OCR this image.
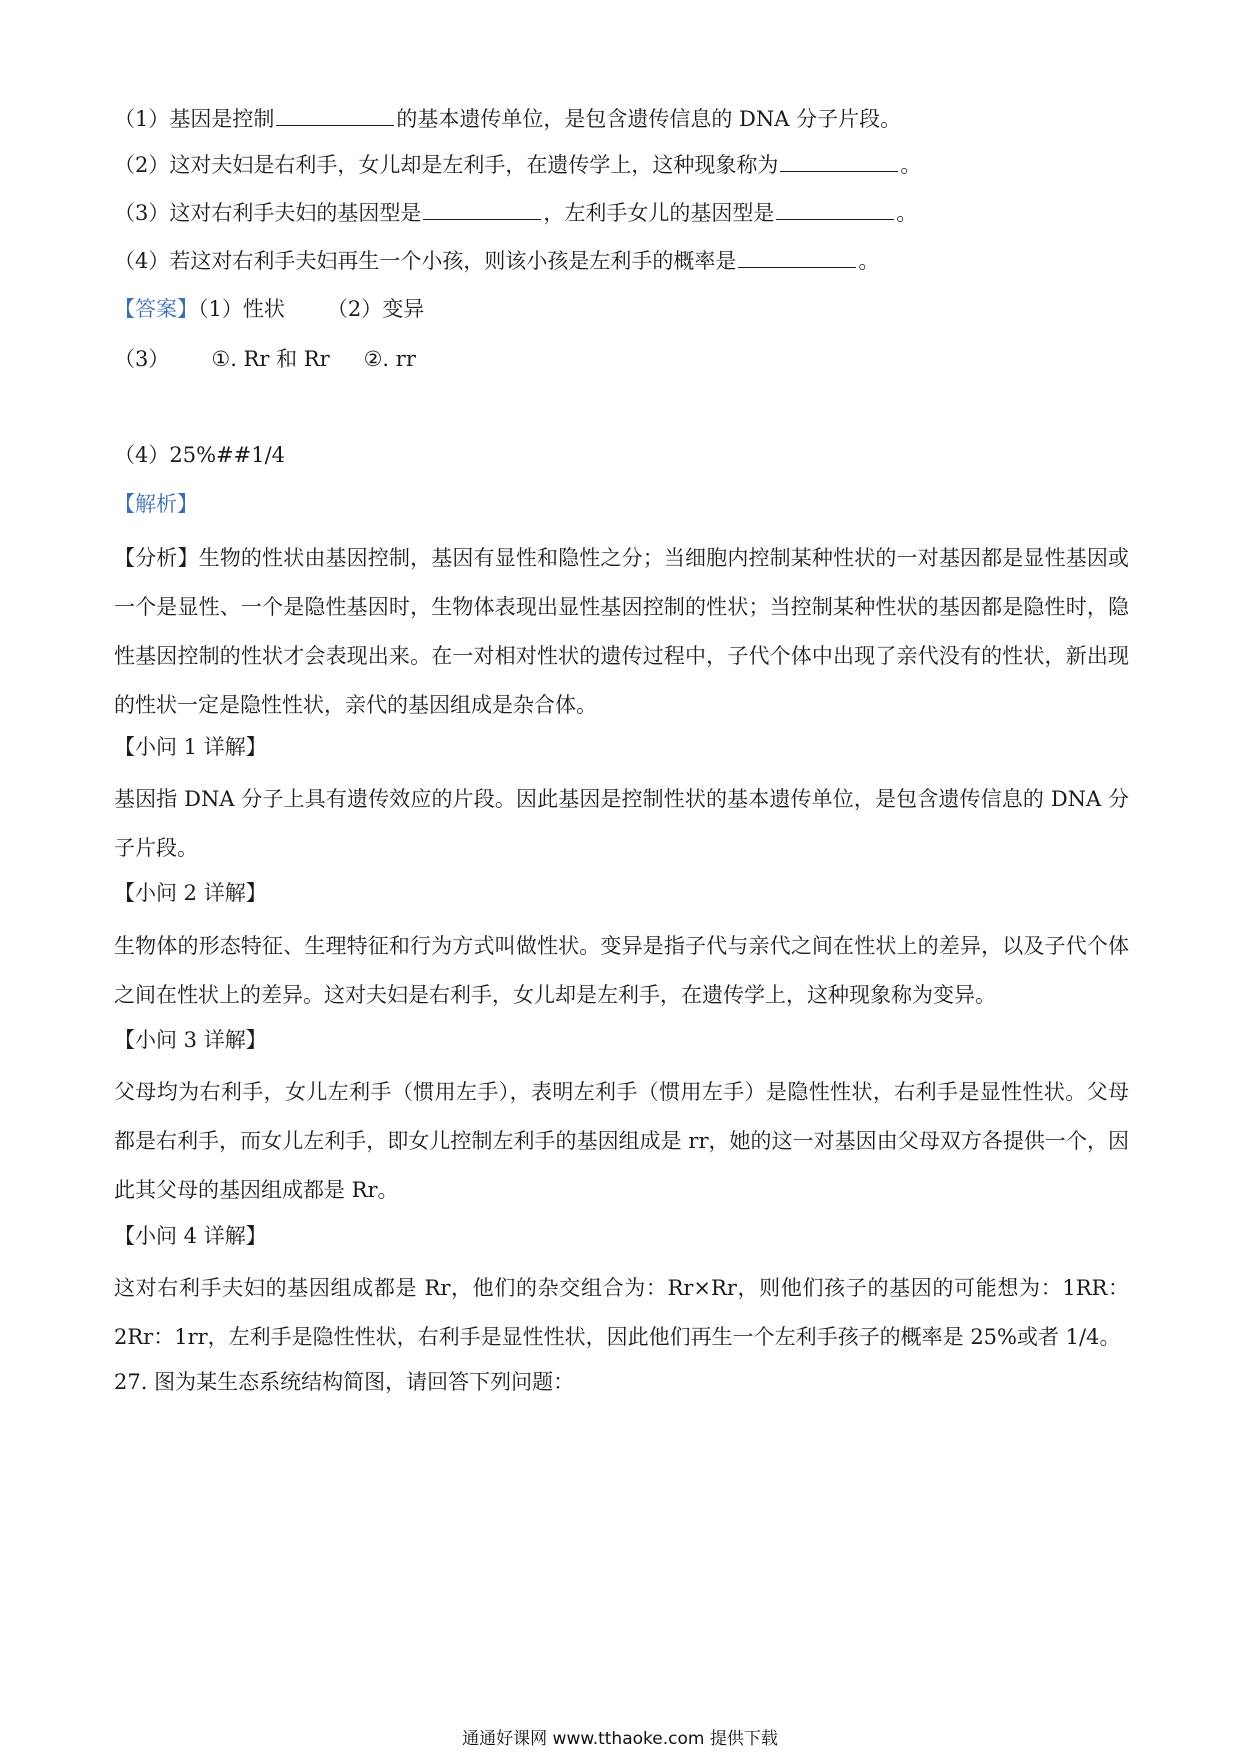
（1）基因是控制	的基本遗传单位，是包含遗传信息的 DNA 分子片段。
（2）这对夫妇是右利手，女儿却是左利手，在遗传学上，这种现象称为	。
（3）这对右利手夫妇的基因型是	，左利手女儿的基因型是	。
（4）若这对右利手夫妇再生一个小孩，则该小孩是左利手的概率是	。
【答案】（1）性状 （2）变异
（3） ①. Rr 和 Rr ②. rr
（4）25%##1/4
【解析】
【分析】生物的性状由基因控制，基因有显性和隐性之分；当细胞内控制某种性状的一对基因都是显性基因或一个是显性、一个是隐性基因时，生物体表现出显性基因控制的性状；当控制某种性状的基因都是隐性时，隐性基因控制的性状才会表现出来。在一对相对性状的遗传过程中，子代个体中出现了亲代没有的性状，新出现的性状一定是隐性性状，亲代的基因组成是杂合体。
【小问 1 详解】
基因指 DNA 分子上具有遗传效应的片段。因此基因是控制性状的基本遗传单位，是包含遗传信息的 DNA 分子片段。
【小问 2 详解】
生物体的形态特征、生理特征和行为方式叫做性状。变异是指子代与亲代之间在性状上的差异，以及子代个体之间在性状上的差异。这对夫妇是右利手，女儿却是左利手，在遗传学上，这种现象称为变异。
【小问 3 详解】
父母均为右利手，女儿左利手（惯用左手），表明左利手（惯用左手）是隐性性状，右利手是显性性状。父母都是右利手，而女儿左利手，即女儿控制左利手的基因组成是 rr，她的这一对基因由父母双方各提供一个，因此其父母的基因组成都是 Rr。
【小问 4 详解】
这对右利手夫妇的基因组成都是 Rr，他们的杂交组合为：Rr×Rr，则他们孩子的基因的可能想为：1RR：2Rr：1rr，左利手是隐性性状，右利手是显性性状，因此他们再生一个左利手孩子的概率是 25%或者 1/4。
27. 图为某生态系统结构简图，请回答下列问题：
通通好课网 www.tthaoke.com 提供下载
